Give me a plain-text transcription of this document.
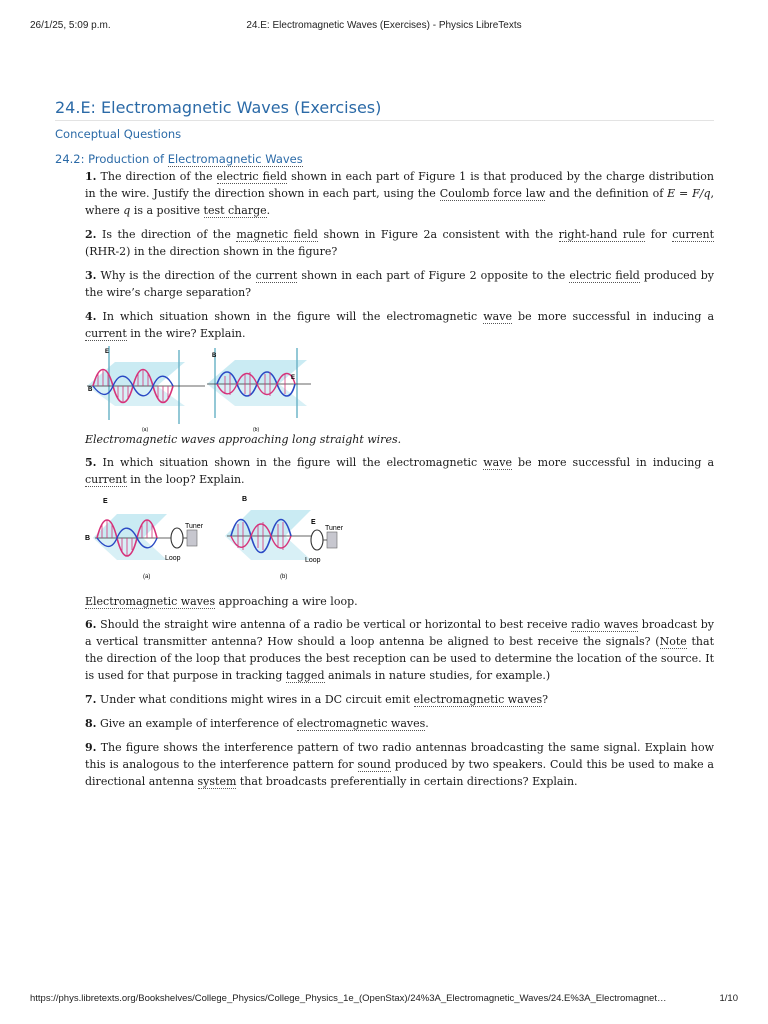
26/1/25, 5:09 p.m.	24.E: Electromagnetic Waves (Exercises) - Physics LibreTexts
24.E: Electromagnetic Waves (Exercises)
Conceptual Questions
24.2: Production of Electromagnetic Waves

1. The direction of the electric field shown in each part of Figure 1 is that produced by the charge distribution in the wire. Justify the direction shown in each part, using the Coulomb force law and the definition of E = F/q, where q is a positive test charge.

2. Is the direction of the magnetic field shown in Figure 2a consistent with the right-hand rule for current (RHR-2) in the direction shown in the figure?

3. Why is the direction of the current shown in each part of Figure 2 opposite to the electric field produced by the wire’s charge separation?

4. In which situation shown in the figure will the electromagnetic wave be more successful in inducing a current in the wire? Explain.

E
B
(a)
B
E
(b)

Electromagnetic waves approaching long straight wires.

5. In which situation shown in the figure will the electromagnetic wave be more successful in inducing a current in the loop? Explain.

E
B
Tuner
Loop
(a)
B
E
Tuner
Loop
(b)

Electromagnetic waves approaching a wire loop.

6. Should the straight wire antenna of a radio be vertical or horizontal to best receive radio waves broadcast by a vertical transmitter antenna? How should a loop antenna be aligned to best receive the signals? (Note that the direction of the loop that produces the best reception can be used to determine the location of the source. It is used for that purpose in tracking tagged animals in nature studies, for example.)

7. Under what conditions might wires in a DC circuit emit electromagnetic waves?

8. Give an example of interference of electromagnetic waves.

9. The figure shows the interference pattern of two radio antennas broadcasting the same signal. Explain how this is analogous to the interference pattern for sound produced by two speakers. Could this be used to make a directional antenna system that broadcasts preferentially in certain directions? Explain.

https://phys.libretexts.org/Bookshelves/College_Physics/College_Physics_1e_(OpenStax)/24%3A_Electromagnetic_Waves/24.E%3A_Electromagnet…	1/10
